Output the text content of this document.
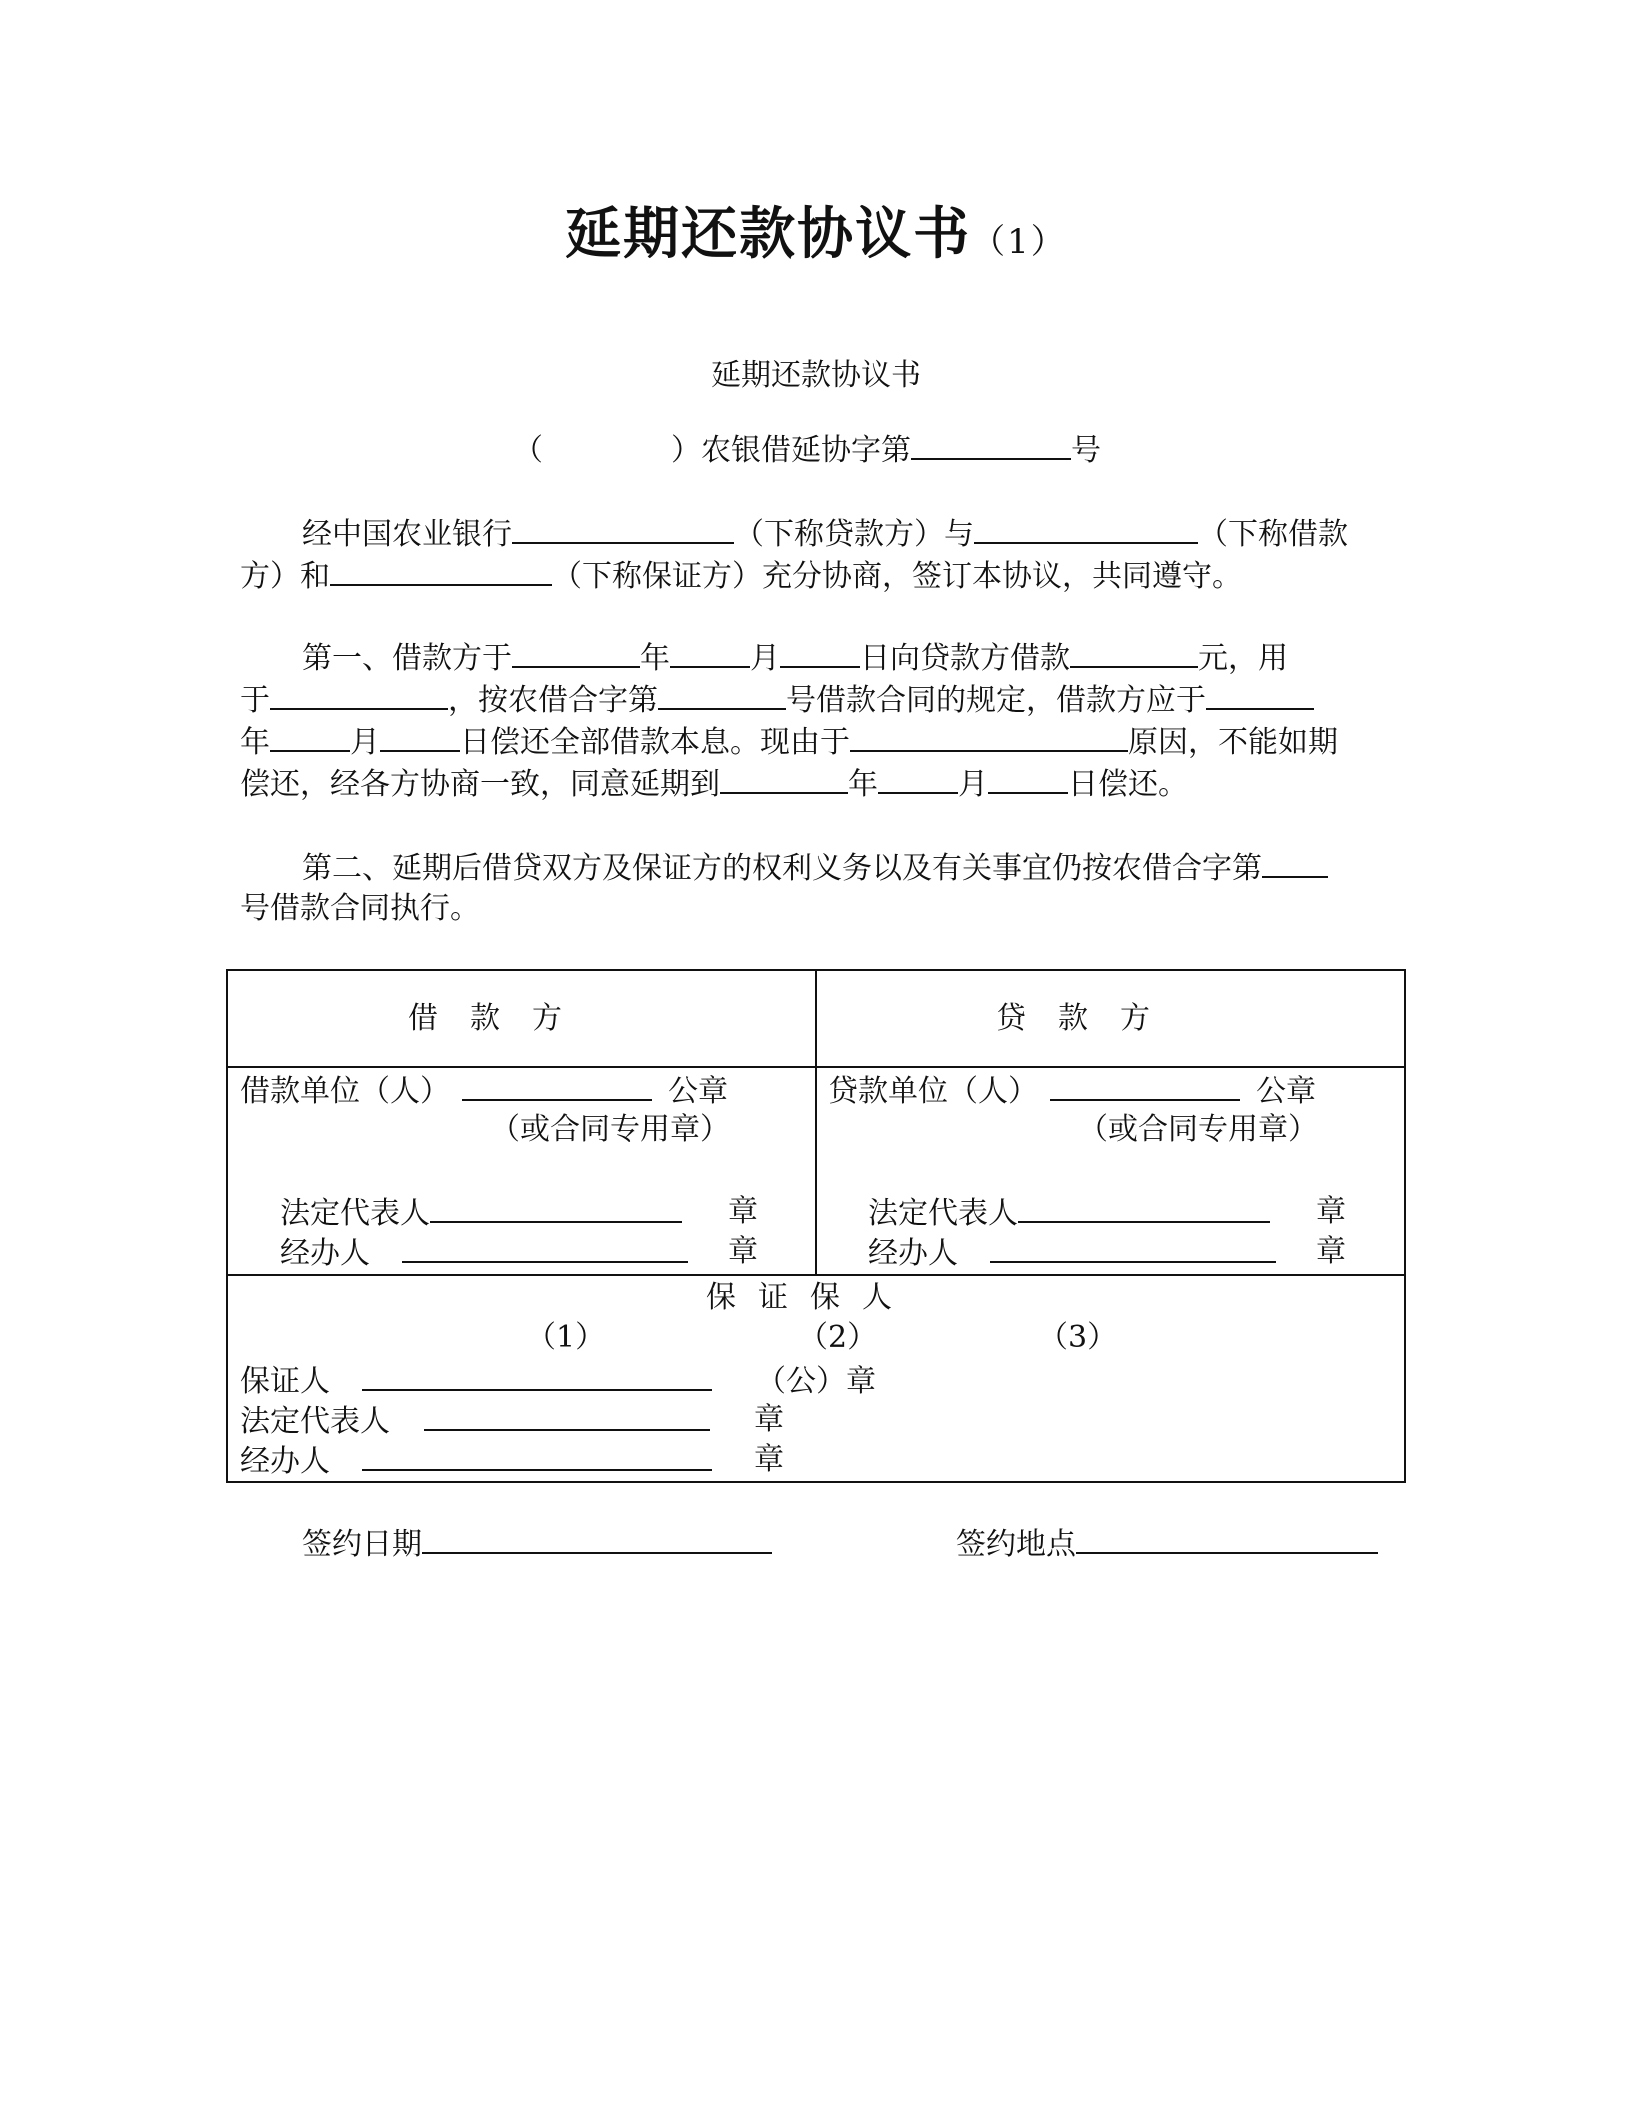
延期还款协议书（1）
延期还款协议书
（	）农银借延协字第	号
经中国农业银行	（下称贷款方）与	（下称借款
方）和	（下称保证方）充分协商，签订本协议，共同遵守。
第一、借款方于	年	月	日向贷款方借款	元，用
于	，按农借合字第	号借款合同的规定，借款方应于
年	月	日偿还全部借款本息。现由于	原因，不能如期
偿还，经各方协商一致，同意延期到	年	月	日偿还。
第二、延期后借贷双方及保证方的权利义务以及有关事宜仍按农借合字第
号借款合同执行。
借款方	贷款方
借款单位（人）	公章
（或合同专用章）
法定代表人	章
经办人	章
贷款单位（人）	公章
（或合同专用章）
法定代表人	章
经办人	章
保证保人
（1）	（2）	（3）
保证人	（公）章
法定代表人	章
经办人	章
签约日期	签约地点
